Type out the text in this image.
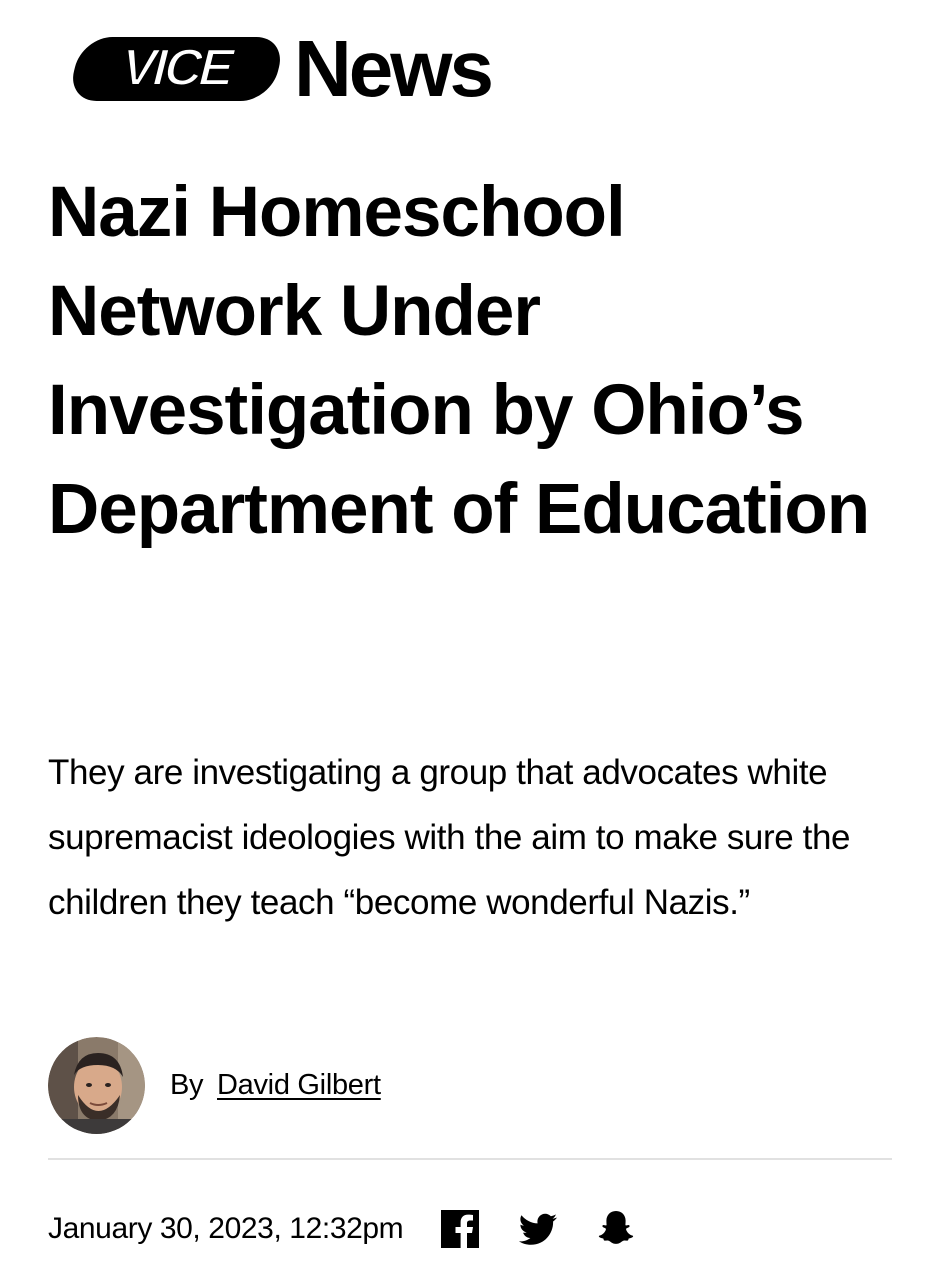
VICE News
Nazi Homeschool Network Under Investigation by Ohio’s Department of Education

They are investigating a group that advocates white supremacist ideologies with the aim to make sure the children they teach “become wonderful Nazis.”

By David Gilbert
January 30, 2023, 12:32pm
